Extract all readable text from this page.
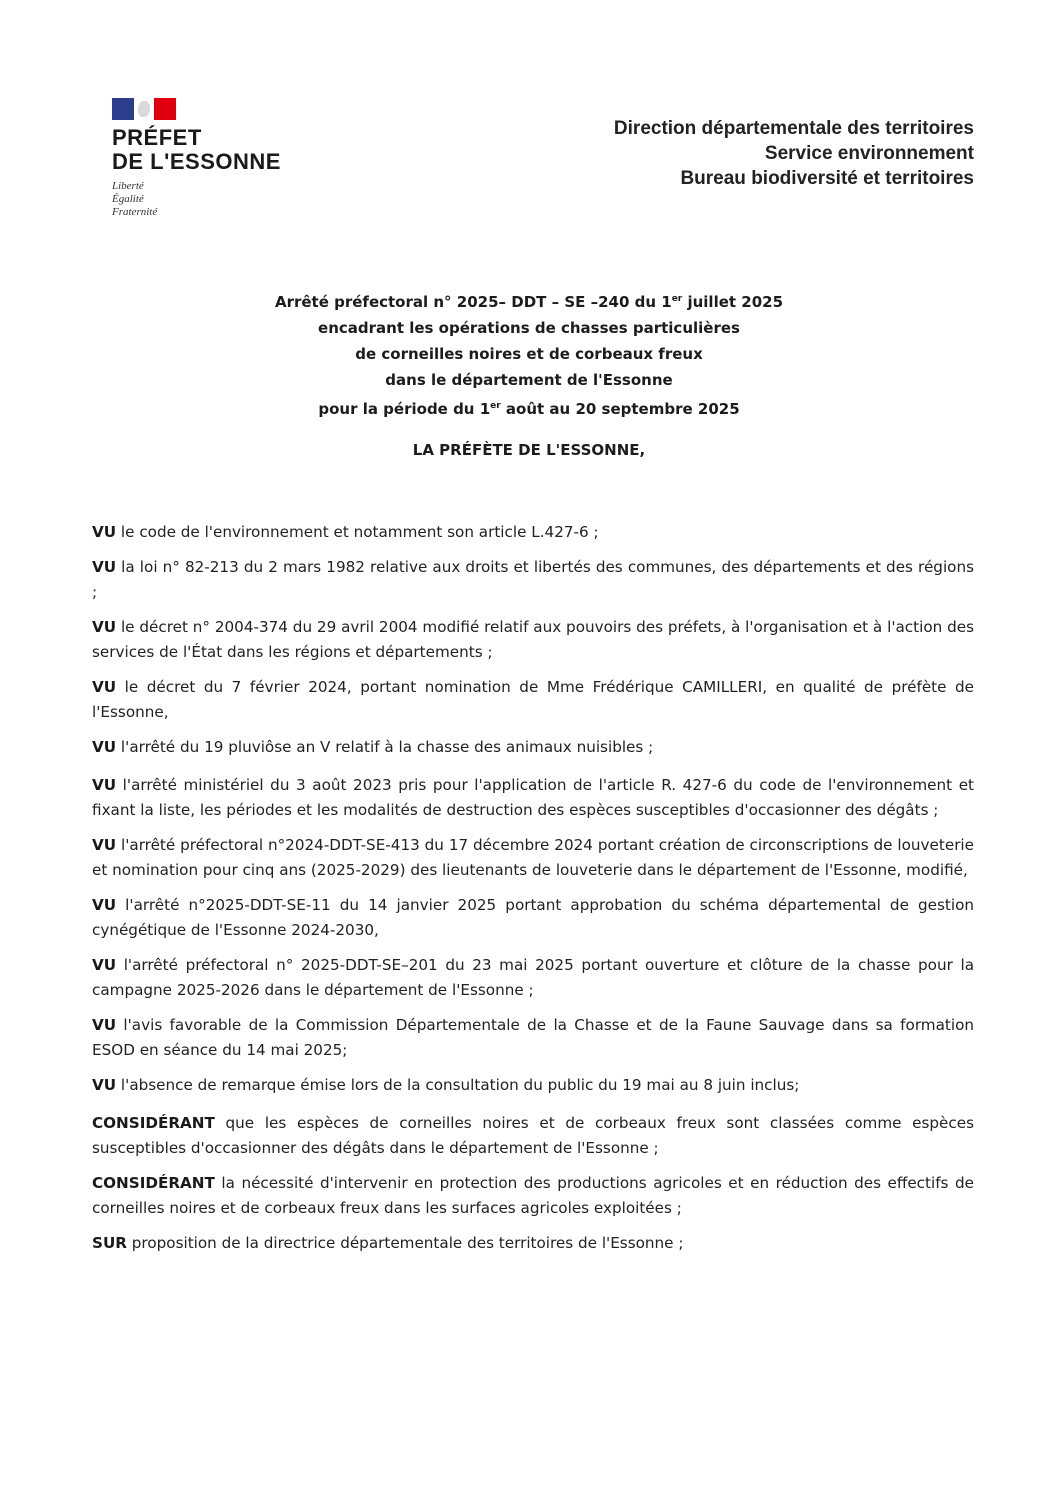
PRÉFET
DE L'ESSONNE
Liberté
Égalité
Fraternité
Direction départementale des territoires
Service environnement
Bureau biodiversité et territoires
Arrêté préfectoral n° 2025– DDT – SE –240 du 1er juillet 2025
encadrant les opérations de chasses particulières
de corneilles noires et de corbeaux freux
dans le département de l'Essonne
pour la période du 1er août au 20 septembre 2025
LA PRÉFÈTE DE L'ESSONNE,

VU le code de l'environnement et notamment son article L.427-6 ;

VU la loi n° 82-213 du 2 mars 1982 relative aux droits et libertés des communes, des départements et des régions ;

VU le décret n° 2004-374 du 29 avril 2004 modifié relatif aux pouvoirs des préfets, à l'organisation et à l'action des services de l'État dans les régions et départements ;

VU le décret du 7 février 2024, portant nomination de Mme Frédérique CAMILLERI, en qualité de préfète de l'Essonne,

VU l'arrêté du 19 pluviôse an V relatif à la chasse des animaux nuisibles ;

VU l'arrêté ministériel du 3 août 2023 pris pour l'application de l'article R. 427-6 du code de l'environnement et fixant la liste, les périodes et les modalités de destruction des espèces susceptibles d'occasionner des dégâts ;

VU l'arrêté préfectoral n°2024-DDT-SE-413 du 17 décembre 2024 portant création de circonscriptions de louveterie et nomination pour cinq ans (2025-2029) des lieutenants de louveterie dans le département de l'Essonne, modifié,

VU l'arrêté n°2025-DDT-SE-11 du 14 janvier 2025 portant approbation du schéma départemental de gestion cynégétique de l'Essonne 2024-2030,

VU l'arrêté préfectoral n° 2025-DDT-SE–201 du 23 mai 2025 portant ouverture et clôture de la chasse pour la campagne 2025-2026 dans le département de l'Essonne ;

VU l'avis favorable de la Commission Départementale de la Chasse et de la Faune Sauvage dans sa formation ESOD en séance du 14 mai 2025;

VU l'absence de remarque émise lors de la consultation du public du 19 mai au 8 juin inclus;

CONSIDÉRANT que les espèces de corneilles noires et de corbeaux freux sont classées comme espèces susceptibles d'occasionner des dégâts dans le département de l'Essonne ;

CONSIDÉRANT la nécessité d'intervenir en protection des productions agricoles et en réduction des effectifs de corneilles noires et de corbeaux freux dans les surfaces agricoles exploitées ;

SUR proposition de la directrice départementale des territoires de l'Essonne ;
